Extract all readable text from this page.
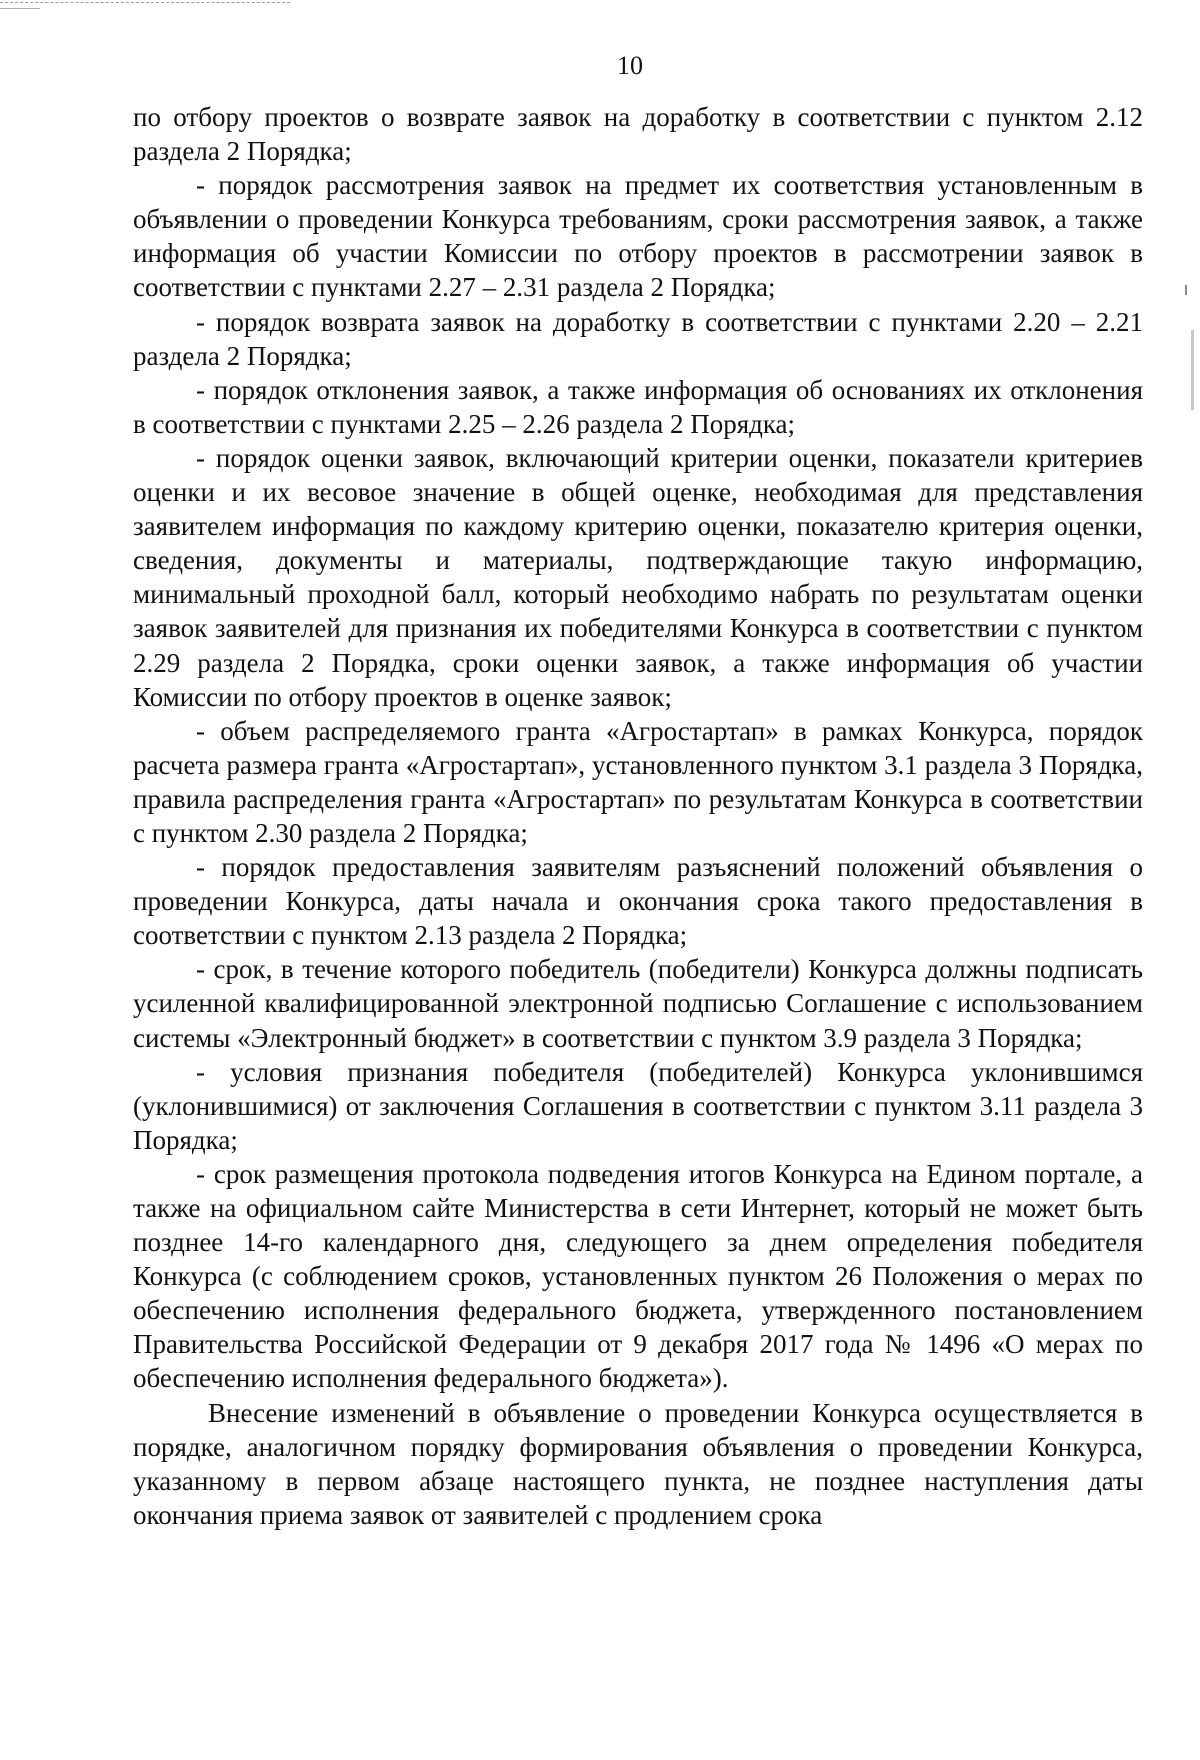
10

по отбору проектов о возврате заявок на доработку в соответствии с пунктом 2.12 раздела 2 Порядка;

- порядок рассмотрения заявок на предмет их соответствия установленным в объявлении о проведении Конкурса требованиям, сроки рассмотрения заявок, а также информация об участии Комиссии по отбору проектов в рассмотрении заявок в соответствии с пунктами 2.27 – 2.31 раздела 2 Порядка;

- порядок возврата заявок на доработку в соответствии с пунктами 2.20 – 2.21 раздела 2 Порядка;

- порядок отклонения заявок, а также информация об основаниях их отклонения в соответствии с пунктами 2.25 – 2.26 раздела 2 Порядка;

- порядок оценки заявок, включающий критерии оценки, показатели критериев оценки и их весовое значение в общей оценке, необходимая для представления заявителем информация по каждому критерию оценки, показателю критерия оценки, сведения, документы и материалы, подтверждающие такую информацию, минимальный проходной балл, который необходимо набрать по результатам оценки заявок заявителей для признания их победителями Конкурса в соответствии с пунктом 2.29 раздела 2 Порядка, сроки оценки заявок, а также информация об участии Комиссии по отбору проектов в оценке заявок;

- объем распределяемого гранта «Агростартап» в рамках Конкурса, порядок расчета размера гранта «Агростартап», установленного пунктом 3.1 раздела 3 Порядка, правила распределения гранта «Агростартап» по результатам Конкурса в соответствии с пунктом 2.30 раздела 2 Порядка;

- порядок предоставления заявителям разъяснений положений объявления о проведении Конкурса, даты начала и окончания срока такого предоставления в соответствии с пунктом 2.13 раздела 2 Порядка;

- срок, в течение которого победитель (победители) Конкурса должны подписать усиленной квалифицированной электронной подписью Соглашение с использованием системы «Электронный бюджет» в соответствии с пунктом 3.9 раздела 3 Порядка;

- условия признания победителя (победителей) Конкурса уклонившимся (уклонившимися) от заключения Соглашения в соответствии с пунктом 3.11 раздела 3 Порядка;

- срок размещения протокола подведения итогов Конкурса на Едином портале, а также на официальном сайте Министерства в сети Интернет, который не может быть позднее 14-го календарного дня, следующего за днем определения победителя Конкурса (с соблюдением сроков, установленных пунктом 26 Положения о мерах по обеспечению исполнения федерального бюджета, утвержденного постановлением Правительства Российской Федерации от 9 декабря 2017 года № 1496 «О мерах по обеспечению исполнения федерального бюджета»).

Внесение изменений в объявление о проведении Конкурса осуществляется в порядке, аналогичном порядку формирования объявления о проведении Конкурса, указанному в первом абзаце настоящего пункта, не позднее наступления даты окончания приема заявок от заявителей с продлением срока
